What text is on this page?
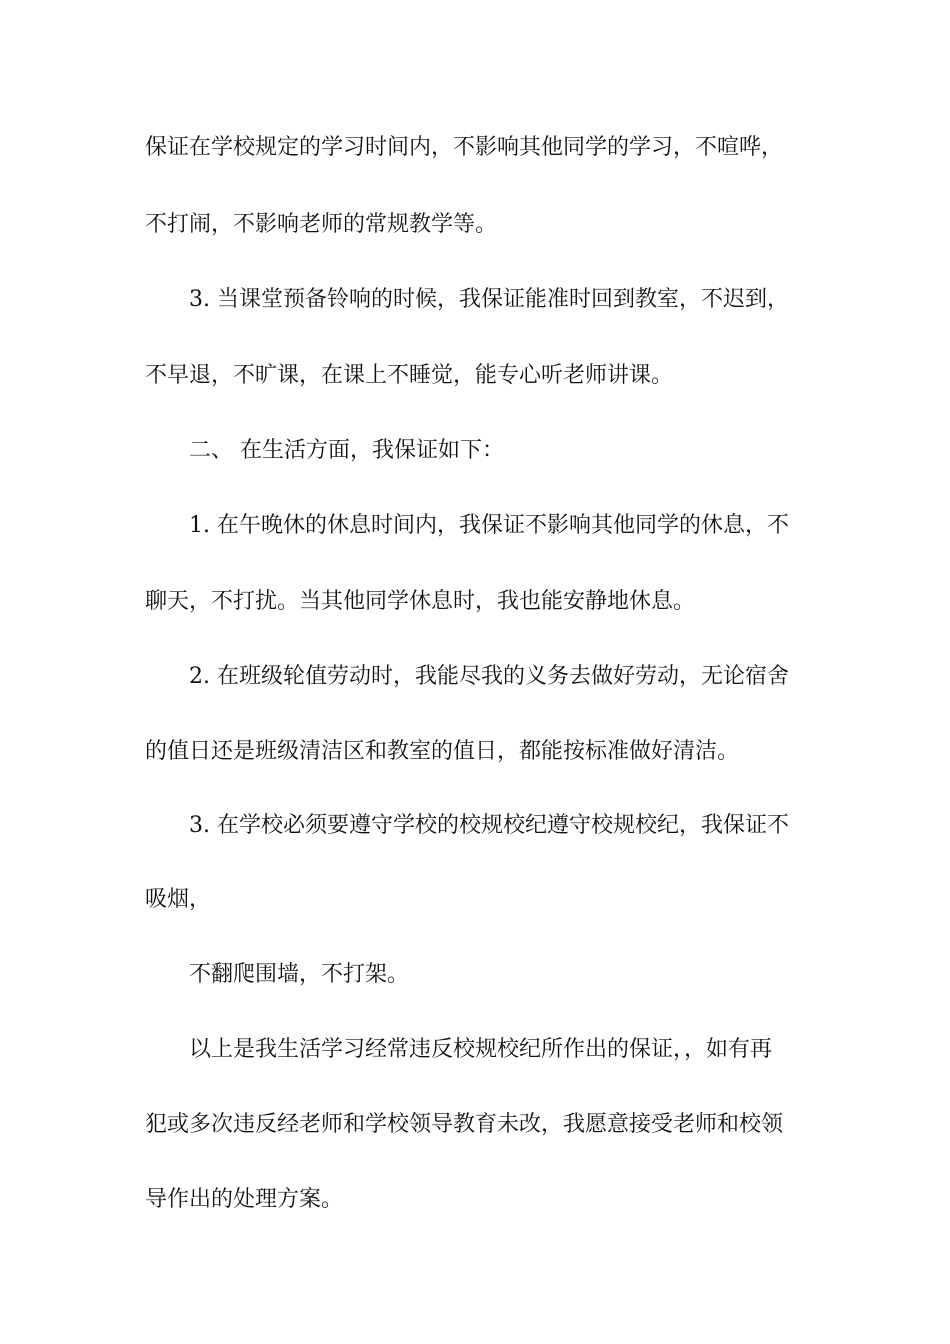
保证在学校规定的学习时间内，不影响其他同学的学习，不喧哗，
不打闹，不影响老师的常规教学等。
3. 当课堂预备铃响的时候，我保证能准时回到教室，不迟到，
不早退，不旷课，在课上不睡觉，能专心听老师讲课。
二、 在生活方面，我保证如下：
1. 在午晚休的休息时间内，我保证不影响其他同学的休息，不
聊天，不打扰。当其他同学休息时，我也能安静地休息。
2. 在班级轮值劳动时，我能尽我的义务去做好劳动，无论宿舍
的值日还是班级清洁区和教室的值日，都能按标准做好清洁。
3. 在学校必须要遵守学校的校规校纪遵守校规校纪，我保证不
吸烟，
不翻爬围墙，不打架。
以上是我生活学习经常违反校规校纪所作出的保证，，如有再
犯或多次违反经老师和学校领导教育未改，我愿意接受老师和校领
导作出的处理方案。
